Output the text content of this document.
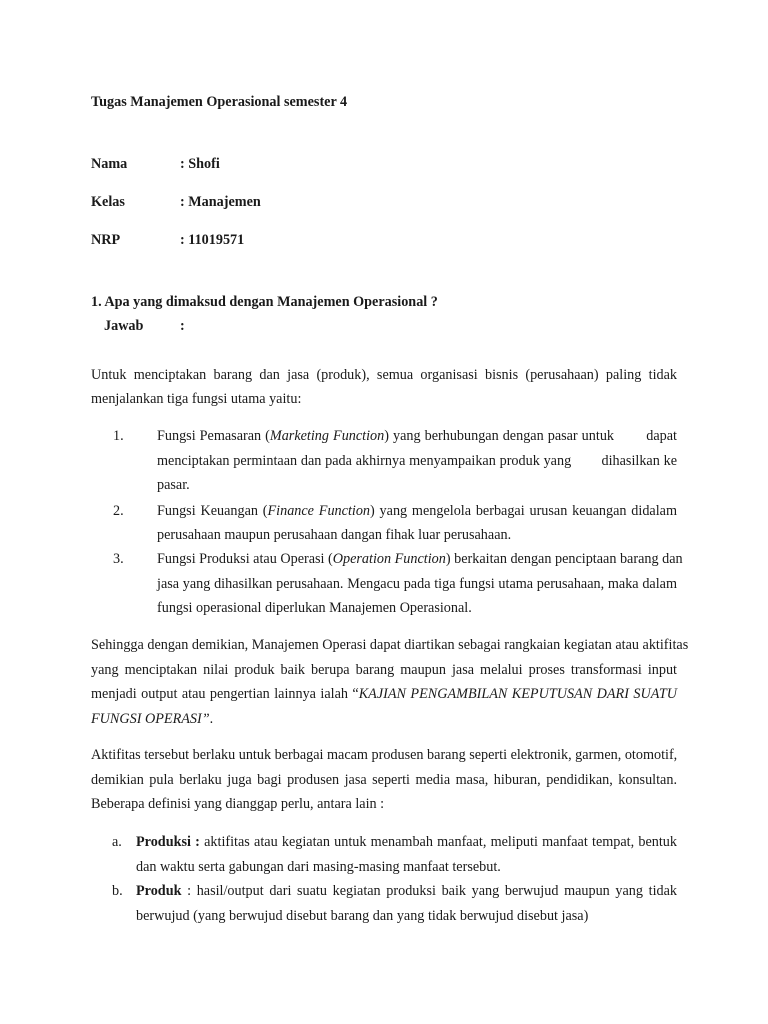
Tugas Manajemen Operasional semester 4
Nama	: Shofi
Kelas	: Manajemen
NRP	: 11019571
1. Apa yang dimaksud dengan Manajemen Operasional ?
Jawab	:
Untuk menciptakan barang dan jasa (produk), semua organisasi bisnis (perusahaan) paling tidak
menjalankan tiga fungsi utama yaitu:
1. Fungsi Pemasaran (Marketing Function) yang berhubungan dengan pasar untuk        dapat
menciptakan permintaan dan pada akhirnya menyampaikan produk yang        dihasilkan ke
pasar.
2. Fungsi Keuangan (Finance Function) yang mengelola berbagai urusan keuangan didalam
perusahaan maupun perusahaan dangan fihak luar perusahaan.
3. Fungsi Produksi atau Operasi (Operation Function) berkaitan dengan penciptaan barang dan
jasa yang dihasilkan perusahaan. Mengacu pada tiga fungsi utama perusahaan, maka dalam
fungsi operasional diperlukan Manajemen Operasional.
Sehingga dengan demikian, Manajemen Operasi dapat diartikan sebagai rangkaian kegiatan atau aktifitas
yang menciptakan nilai produk baik berupa barang maupun jasa melalui proses transformasi input
menjadi output atau pengertian lainnya ialah “KAJIAN PENGAMBILAN KEPUTUSAN DARI SUATU
FUNGSI OPERASI”.
Aktifitas tersebut berlaku untuk berbagai macam produsen barang seperti elektronik, garmen, otomotif,
demikian pula berlaku juga bagi produsen jasa seperti media masa, hiburan, pendidikan, konsultan.
Beberapa definisi yang dianggap perlu, antara lain :
a. Produksi : aktifitas atau kegiatan untuk menambah manfaat, meliputi manfaat tempat, bentuk
dan waktu serta gabungan dari masing-masing manfaat tersebut.
b. Produk : hasil/output dari suatu kegiatan produksi baik yang berwujud maupun yang tidak
berwujud (yang berwujud disebut barang dan yang tidak berwujud disebut jasa)
